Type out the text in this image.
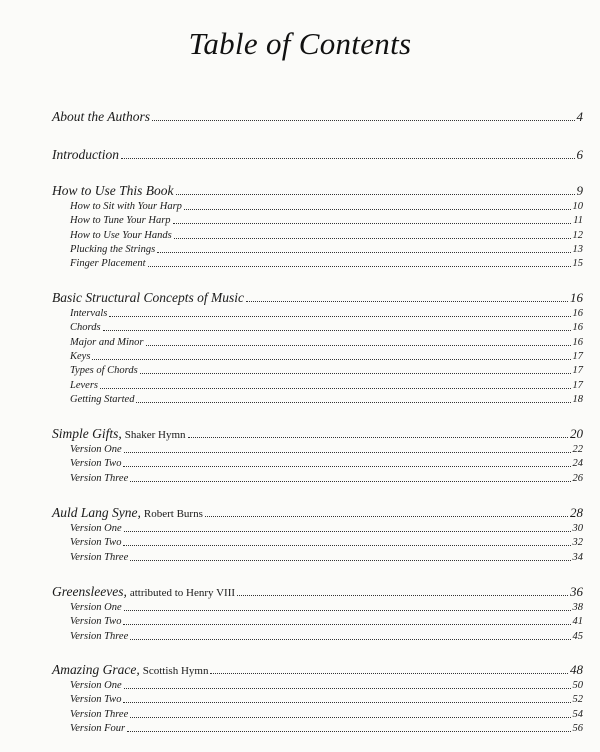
Table of Contents
About the Authors	4
Introduction	6
How to Use This Book	9
How to Sit with Your Harp	10
How to Tune Your Harp	11
How to Use Your Hands	12
Plucking the Strings	13
Finger Placement	15
Basic Structural Concepts of Music	16
Intervals	16
Chords	16
Major and Minor	16
Keys	17
Types of Chords	17
Levers	17
Getting Started	18
Simple Gifts, Shaker Hymn	20
Version One	22
Version Two	24
Version Three	26
Auld Lang Syne, Robert Burns	28
Version One	30
Version Two	32
Version Three	34
Greensleeves, attributed to Henry VIII	36
Version One	38
Version Two	41
Version Three	45
Amazing Grace, Scottish Hymn	48
Version One	50
Version Two	52
Version Three	54
Version Four	56
